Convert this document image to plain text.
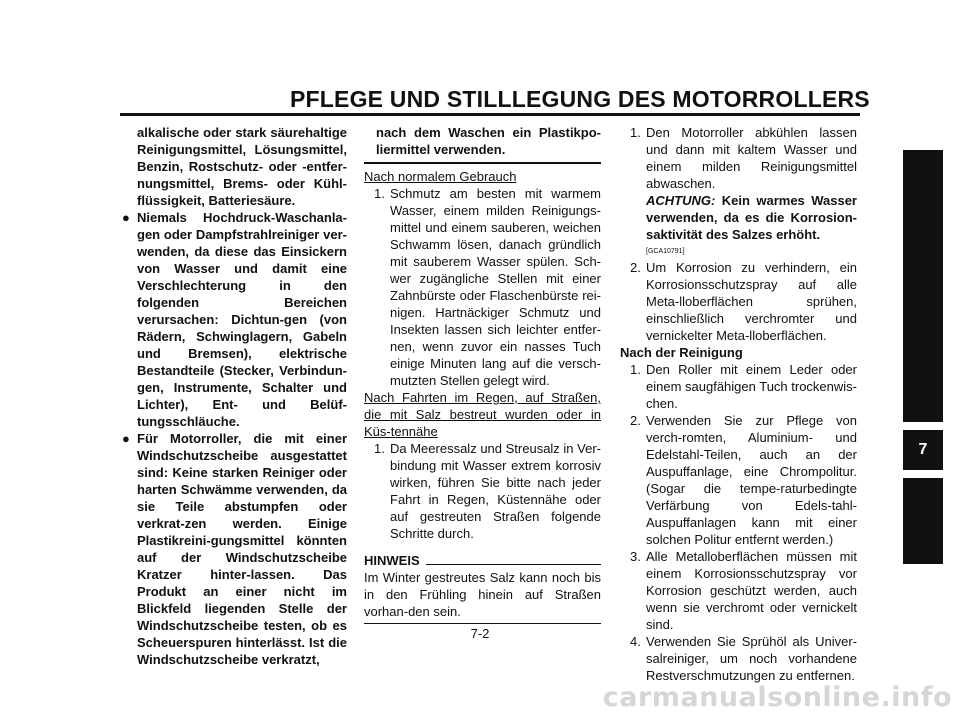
PFLEGE UND STILLLEGUNG DES MOTORROLLERS
alkalische oder stark säurehaltige Reinigungsmittel, Lösungsmittel, Benzin, Rostschutz- oder -entfer-nungsmittel, Brems- oder Kühl-flüssigkeit, Batteriesäure.
● Niemals Hochdruck-Waschanla-gen oder Dampfstrahlreiniger ver-wenden, da diese das Einsickern von Wasser und damit eine Verschlechterung in den folgenden Bereichen verursachen: Dichtun-gen (von Rädern, Schwinglagern, Gabeln und Bremsen), elektrische Bestandteile (Stecker, Verbindun-gen, Instrumente, Schalter und Lichter), Ent- und Belüf-tungsschläuche.
● Für Motorroller, die mit einer Windschutzscheibe ausgestattet sind: Keine starken Reiniger oder harten Schwämme verwenden, da sie Teile abstumpfen oder verkrat-zen werden. Einige Plastikreini-gungsmittel könnten auf der Windschutzscheibe Kratzer hinter-lassen. Das Produkt an einer nicht im Blickfeld liegenden Stelle der Windschutzscheibe testen, ob es Scheuerspuren hinterlässt. Ist die Windschutzscheibe verkratzt,
nach dem Waschen ein Plastikpo-liermittel verwenden.
Nach normalem Gebrauch
1. Schmutz am besten mit warmem Wasser, einem milden Reinigungs-mittel und einem sauberen, weichen Schwamm lösen, danach gründlich mit sauberem Wasser spülen. Sch-wer zugängliche Stellen mit einer Zahnbürste oder Flaschenbürste rei-nigen. Hartnäckiger Schmutz und Insekten lassen sich leichter entfer-nen, wenn zuvor ein nasses Tuch einige Minuten lang auf die versch-mutzten Stellen gelegt wird.
Nach Fahrten im Regen, auf Straßen, die mit Salz bestreut wurden oder in Küs-tennähe
1. Da Meeressalz und Streusalz in Ver-bindung mit Wasser extrem korrosiv wirken, führen Sie bitte nach jeder Fahrt in Regen, Küstennähe oder auf gestreuten Straßen folgende Schritte durch.
HINWEIS
Im Winter gestreutes Salz kann noch bis in den Frühling hinein auf Straßen vorhan-den sein.
1. Den Motorroller abkühlen lassen und dann mit kaltem Wasser und einem milden Reinigungsmittel abwaschen.
ACHTUNG: Kein warmes Wasser verwenden, da es die Korrosion-saktivität des Salzes erhöht.
[GCA10791]
2. Um Korrosion zu verhindern, ein Korrosionsschutzspray auf alle Meta-lloberflächen sprühen, einschließlich verchromter und vernickelter Meta-lloberflächen.
Nach der Reinigung
1. Den Roller mit einem Leder oder einem saugfähigen Tuch trockenwis-chen.
2. Verwenden Sie zur Pflege von verch-romten, Aluminium- und Edelstahl-Teilen, auch an der Auspuffanlage, eine Chrompolitur. (Sogar die tempe-raturbedingte Verfärbung von Edels-tahl-Auspuffanlagen kann mit einer solchen Politur entfernt werden.)
3. Alle Metalloberflächen müssen mit einem Korrosionsschutzspray vor Korrosion geschützt werden, auch wenn sie verchromt oder vernickelt sind.
4. Verwenden Sie Sprühöl als Univer-salreiniger, um noch vorhandene Restverschmutzungen zu entfernen.
7
7-2
carmanualsonline.info
